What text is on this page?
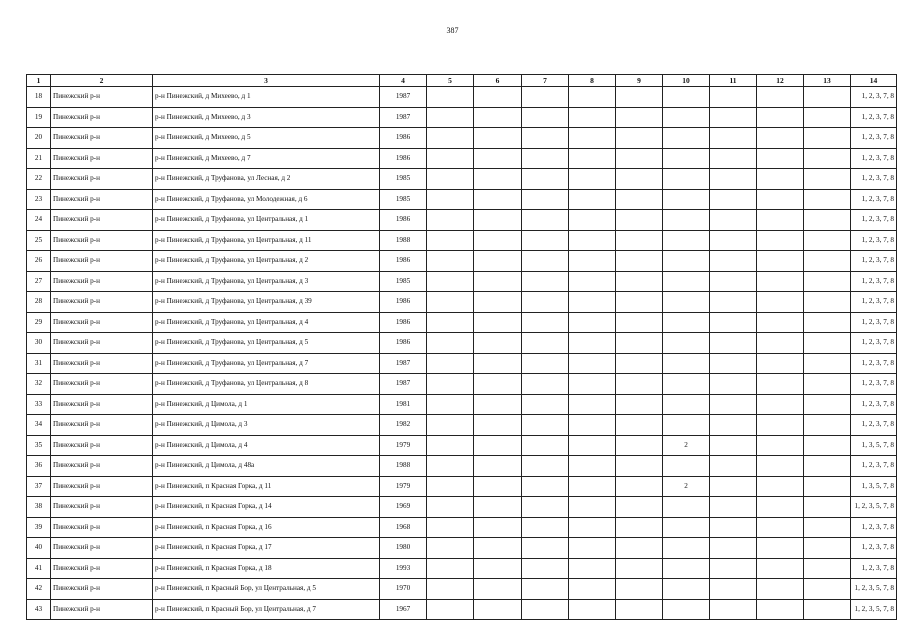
387
1	2	3	4	5	6	7	8	9	10	11	12	13	14
18	Пинежский р-н	р-н Пинежский, д Михеево, д 1	1987										1, 2, 3, 7, 8
19	Пинежский р-н	р-н Пинежский, д Михеево, д 3	1987										1, 2, 3, 7, 8
20	Пинежский р-н	р-н Пинежский, д Михеево, д 5	1986										1, 2, 3, 7, 8
21	Пинежский р-н	р-н Пинежский, д Михеево, д 7	1986										1, 2, 3, 7, 8
22	Пинежский р-н	р-н Пинежский, д Труфанова, ул Лесная, д 2	1985										1, 2, 3, 7, 8
23	Пинежский р-н	р-н Пинежский, д Труфанова, ул Молодежная, д 6	1985										1, 2, 3, 7, 8
24	Пинежский р-н	р-н Пинежский, д Труфанова, ул Центральная, д 1	1986										1, 2, 3, 7, 8
25	Пинежский р-н	р-н Пинежский, д Труфанова, ул Центральная, д 11	1988										1, 2, 3, 7, 8
26	Пинежский р-н	р-н Пинежский, д Труфанова, ул Центральная, д 2	1986										1, 2, 3, 7, 8
27	Пинежский р-н	р-н Пинежский, д Труфанова, ул Центральная, д 3	1985										1, 2, 3, 7, 8
28	Пинежский р-н	р-н Пинежский, д Труфанова, ул Центральная, д 39	1986										1, 2, 3, 7, 8
29	Пинежский р-н	р-н Пинежский, д Труфанова, ул Центральная, д 4	1986										1, 2, 3, 7, 8
30	Пинежский р-н	р-н Пинежский, д Труфанова, ул Центральная, д 5	1986										1, 2, 3, 7, 8
31	Пинежский р-н	р-н Пинежский, д Труфанова, ул Центральная, д 7	1987										1, 2, 3, 7, 8
32	Пинежский р-н	р-н Пинежский, д Труфанова, ул Центральная, д 8	1987										1, 2, 3, 7, 8
33	Пинежский р-н	р-н Пинежский, д Цимола, д 1	1981										1, 2, 3, 7, 8
34	Пинежский р-н	р-н Пинежский, д Цимола, д 3	1982										1, 2, 3, 7, 8
35	Пинежский р-н	р-н Пинежский, д Цимола, д 4	1979						2				1, 3, 5, 7, 8
36	Пинежский р-н	р-н Пинежский, д Цимола, д 48а	1988										1, 2, 3, 7, 8
37	Пинежский р-н	р-н Пинежский, п Красная Горка, д 11	1979						2				1, 3, 5, 7, 8
38	Пинежский р-н	р-н Пинежский, п Красная Горка, д 14	1969										1, 2, 3, 5, 7, 8
39	Пинежский р-н	р-н Пинежский, п Красная Горка, д 16	1968										1, 2, 3, 7, 8
40	Пинежский р-н	р-н Пинежский, п Красная Горка, д 17	1980										1, 2, 3, 7, 8
41	Пинежский р-н	р-н Пинежский, п Красная Горка, д 18	1993										1, 2, 3, 7, 8
42	Пинежский р-н	р-н Пинежский, п Красный Бор, ул Центральная, д 5	1970										1, 2, 3, 5, 7, 8
43	Пинежский р-н	р-н Пинежский, п Красный Бор, ул Центральная, д 7	1967										1, 2, 3, 5, 7, 8
